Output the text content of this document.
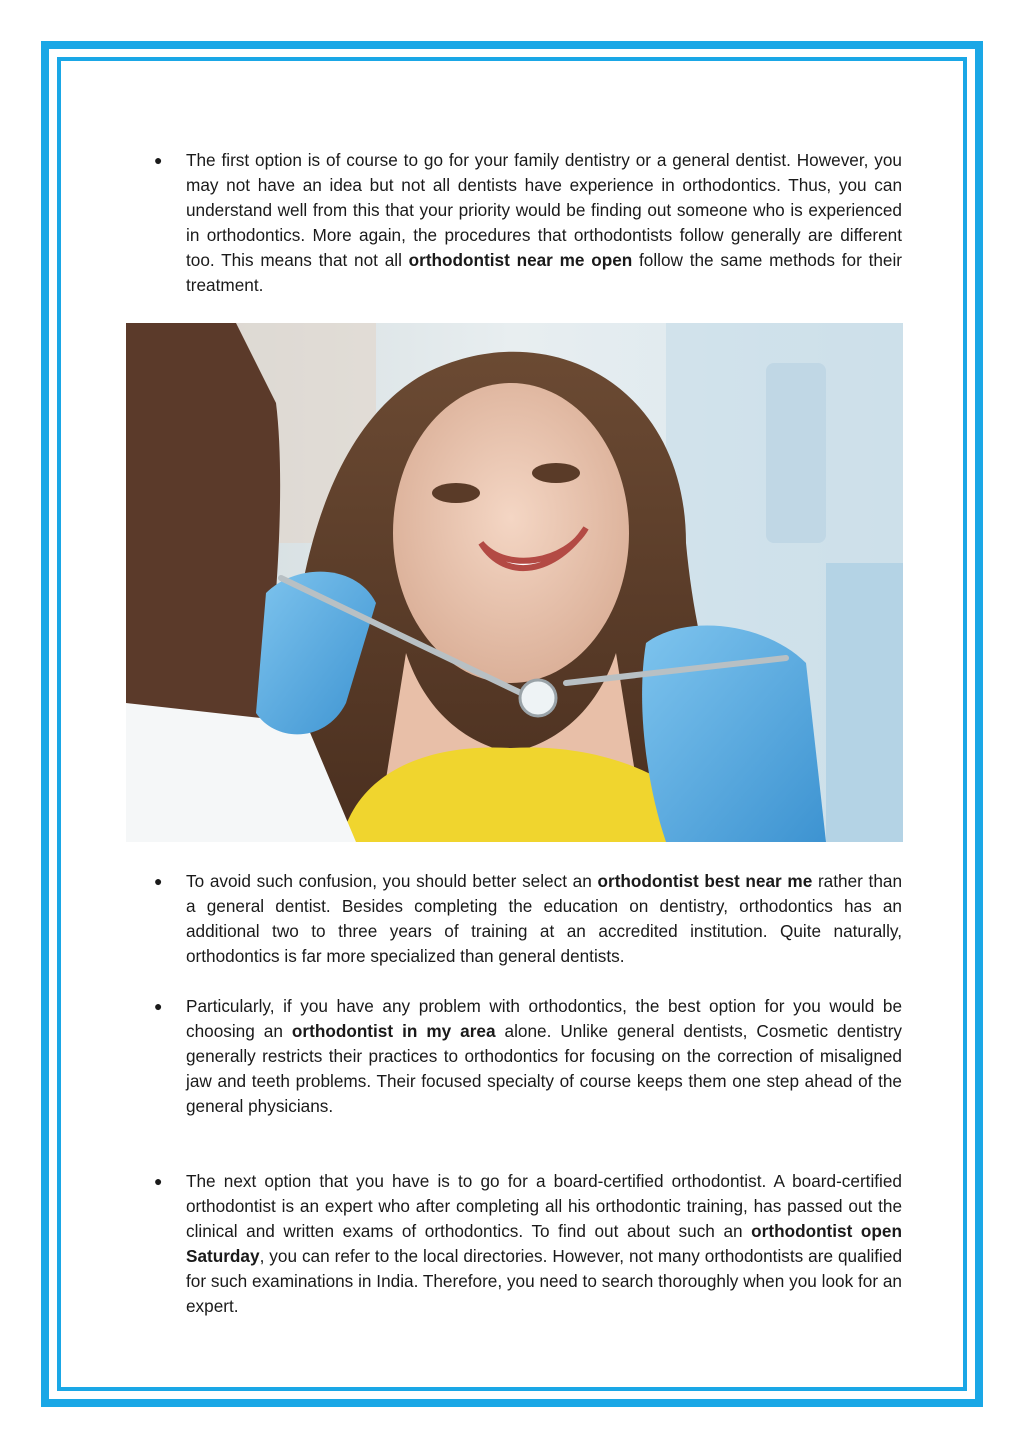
●	The first option is of course to go for your family dentistry or a general dentist. However, you may not have an idea but not all dentists have experience in orthodontics. Thus, you can understand well from this that your priority would be finding out someone who is experienced in orthodontics. More again, the procedures that orthodontists follow generally are different too. This means that not all orthodontist near me open follow the same methods for their treatment.

●	To avoid such confusion, you should better select an orthodontist best near me rather than a general dentist. Besides completing the education on dentistry, orthodontics has an additional two to three years of training at an accredited institution. Quite naturally, orthodontics is far more specialized than general dentists.

●	Particularly, if you have any problem with orthodontics, the best option for you would be choosing an orthodontist in my area alone. Unlike general dentists, Cosmetic dentistry generally restricts their practices to orthodontics for focusing on the correction of misaligned jaw and teeth problems. Their focused specialty of course keeps them one step ahead of the general physicians.

●	The next option that you have is to go for a board-certified orthodontist. A board-certified orthodontist is an expert who after completing all his orthodontic training, has passed out the clinical and written exams of orthodontics. To find out about such an orthodontist open Saturday, you can refer to the local directories. However, not many orthodontists are qualified for such examinations in India. Therefore, you need to search thoroughly when you look for an expert.
